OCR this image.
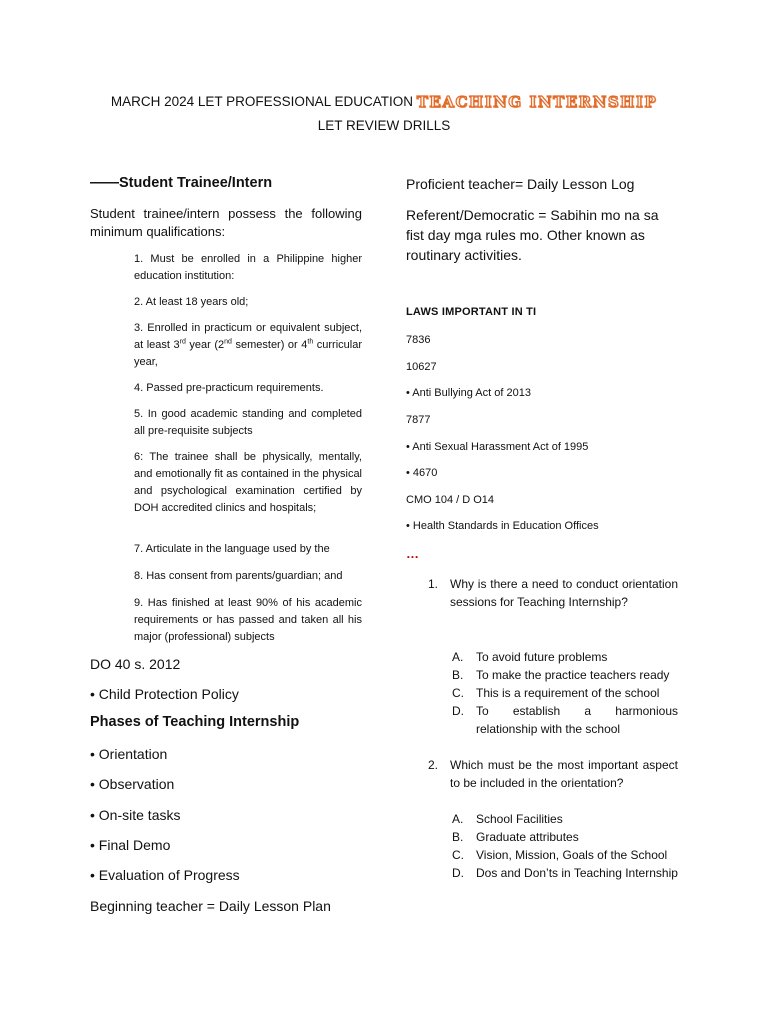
MARCH 2024 LET PROFESSIONAL EDUCATION TEACHING INTERNSHIP
LET REVIEW DRILLS
——Student Trainee/Intern
Student trainee/intern possess the following minimum qualifications:
1. Must be enrolled in a Philippine higher education institution:
2. At least 18 years old;
3. Enrolled in practicum or equivalent subject, at least 3rd year (2nd semester) or 4th curricular year,
4. Passed pre-practicum requirements.
5. In good academic standing and completed all pre-requisite subjects
6: The trainee shall be physically, mentally, and emotionally fit as contained in the physical and psychological examination certified by DOH accredited clinics and hospitals;
7. Articulate in the language used by the
8. Has consent from parents/guardian; and
9. Has finished at least 90% of his academic requirements or has passed and taken all his major (professional) subjects
DO 40 s. 2012
• Child Protection Policy
Phases of Teaching Internship
• Orientation
• Observation
• On-site tasks
• Final Demo
• Evaluation of Progress
Beginning teacher = Daily Lesson Plan
Proficient teacher= Daily Lesson Log
Referent/Democratic = Sabihin mo na sa fist day mga rules mo. Other known as routinary activities.
LAWS IMPORTANT IN TI
7836
10627
• Anti Bullying Act of 2013
7877
• Anti Sexual Harassment Act of 1995
• 4670
CMO 104 / D O14
• Health Standards in Education Offices
…
1. Why is there a need to conduct orientation sessions for Teaching Internship?
A. To avoid future problems
B. To make the practice teachers ready
C. This is a requirement of the school
D. To establish a harmonious relationship with the school
2. Which must be the most important aspect to be included in the orientation?
A. School Facilities
B. Graduate attributes
C. Vision, Mission, Goals of the School
D. Dos and Don’ts in Teaching Internship
